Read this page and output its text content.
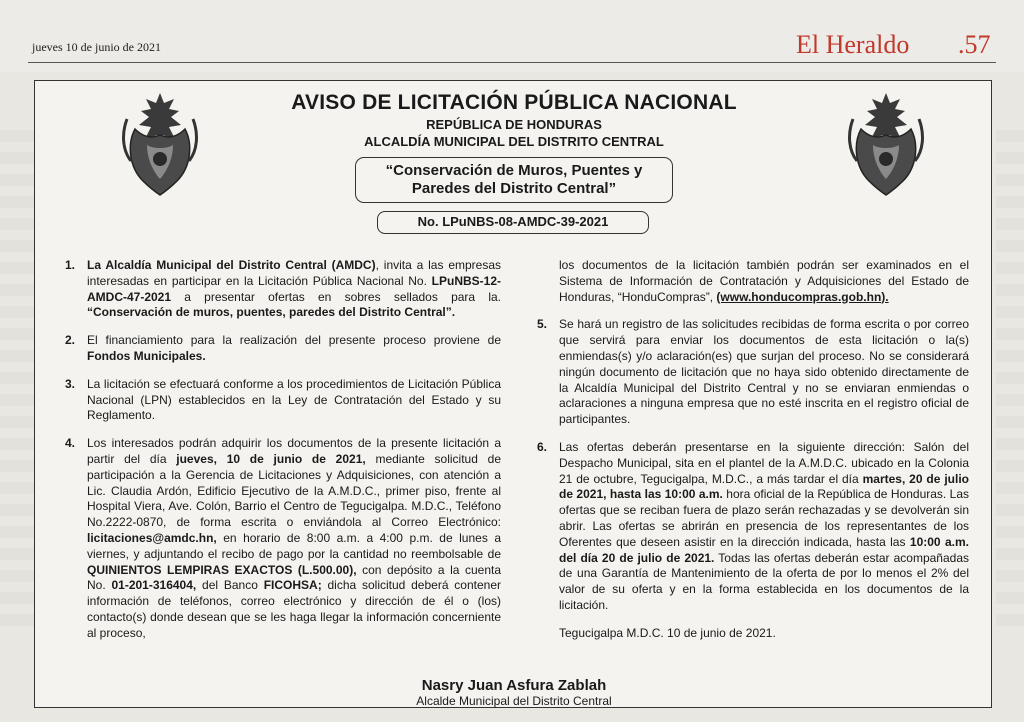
jueves 10 de junio de 2021	El Heraldo .57
AVISO DE LICITACIÓN PÚBLICA NACIONAL
REPÚBLICA DE HONDURAS
ALCALDÍA MUNICIPAL DEL DISTRITO CENTRAL
“Conservación de Muros, Puentes y
Paredes del Distrito Central”
No. LPuNBS-08-AMDC-39-2021
1. La Alcaldía Municipal del Distrito Central (AMDC), invita a las empresas interesadas en participar en la Licitación Pública Nacional No. LPuNBS-12-AMDC-47-2021 a presentar ofertas en sobres sellados para la. “Conservación de muros, puentes, paredes del Distrito Central”.
2. El financiamiento para la realización del presente proceso proviene de Fondos Municipales.
3. La licitación se efectuará conforme a los procedimientos de Licitación Pública Nacional (LPN) establecidos en la Ley de Contratación del Estado y su Reglamento.
4. Los interesados podrán adquirir los documentos de la presente licitación a partir del día jueves, 10 de junio de 2021, mediante solicitud de participación a la Gerencia de Licitaciones y Adquisiciones, con atención a Lic. Claudia Ardón, Edificio Ejecutivo de la A.M.D.C., primer piso, frente al Hospital Viera, Ave. Colón, Barrio el Centro de Tegucigalpa. M.D.C., Teléfono No.2222-0870, de forma escrita o enviándola al Correo Electrónico: licitaciones@amdc.hn, en horario de 8:00 a.m. a 4:00 p.m. de lunes a viernes, y adjuntando el recibo de pago por la cantidad no reembolsable de QUINIENTOS LEMPIRAS EXACTOS (L.500.00), con depósito a la cuenta No. 01-201-316404, del Banco FICOHSA; dicha solicitud deberá contener información de teléfonos, correo electrónico y dirección de él o (los) contacto(s) donde desean que se les haga llegar la información concerniente al proceso,
los documentos de la licitación también podrán ser examinados en el Sistema de Información de Contratación y Adquisiciones del Estado de Honduras, “HonduCompras”, (www.honducompras.gob.hn).
5. Se hará un registro de las solicitudes recibidas de forma escrita o por correo que servirá para enviar los documentos de esta licitación o la(s) enmiendas(s) y/o aclaración(es) que surjan del proceso. No se considerará ningún documento de licitación que no haya sido obtenido directamente de la Alcaldía Municipal del Distrito Central y no se enviaran enmiendas o aclaraciones a ninguna empresa que no esté inscrita en el registro oficial de participantes.
6. Las ofertas deberán presentarse en la siguiente dirección: Salón del Despacho Municipal, sita en el plantel de la A.M.D.C. ubicado en la Colonia 21 de octubre, Tegucigalpa, M.D.C., a más tardar el día martes, 20 de julio de 2021, hasta las 10:00 a.m. hora oficial de la República de Honduras. Las ofertas que se reciban fuera de plazo serán rechazadas y se devolverán sin abrir. Las ofertas se abrirán en presencia de los representantes de los Oferentes que deseen asistir en la dirección indicada, hasta las 10:00 a.m. del día 20 de julio de 2021. Todas las ofertas deberán estar acompañadas de una Garantía de Mantenimiento de la oferta de por lo menos el 2% del valor de su oferta y en la forma establecida en los documentos de la licitación.
Tegucigalpa M.D.C. 10 de junio de 2021.
Nasry Juan Asfura Zablah
Alcalde Municipal del Distrito Central
